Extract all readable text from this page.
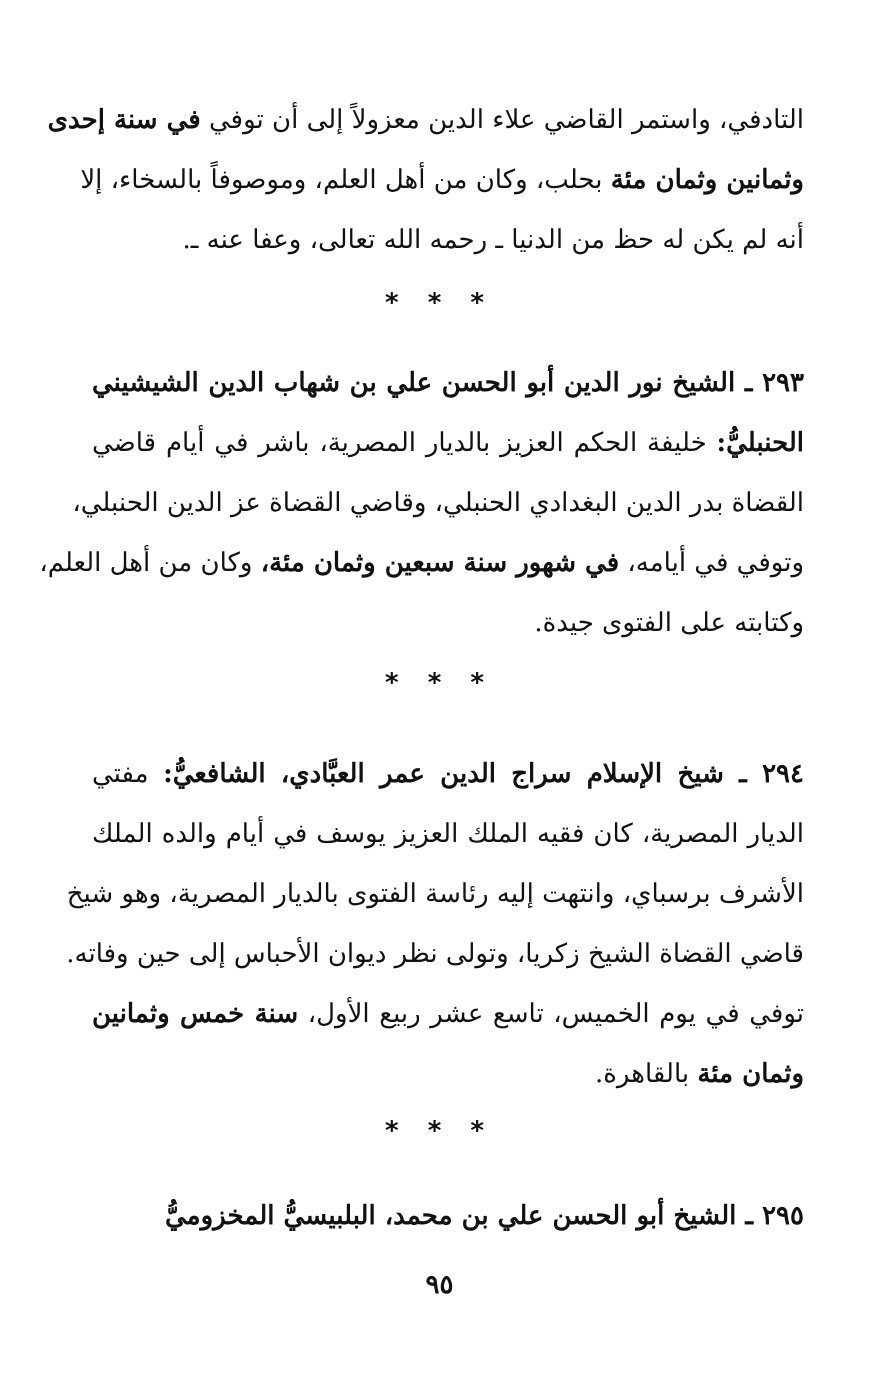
التادفي، واستمر القاضي علاء الدين معزولاً إلى أن توفي في سنة إحدى
وثمانين وثمان مئة بحلب، وكان من أهل العلم، وموصوفاً بالسخاء، إلا
أنه لم يكن له حظ من الدنيا ـ رحمه الله تعالى، وعفا عنه ـ.
* * *
٢٩٣ ـ الشيخ نور الدين أبو الحسن علي بن شهاب الدين الشيشيني
الحنبليُّ: خليفة الحكم العزيز بالديار المصرية، باشر في أيام قاضي
القضاة بدر الدين البغدادي الحنبلي، وقاضي القضاة عز الدين الحنبلي،
وتوفي في أيامه، في شهور سنة سبعين وثمان مئة، وكان من أهل العلم،
وكتابته على الفتوى جيدة.
* * *
٢٩٤ ـ شيخ الإسلام سراج الدين عمر العبَّادي، الشافعيُّ: مفتي
الديار المصرية، كان فقيه الملك العزيز يوسف في أيام والده الملك
الأشرف برسباي، وانتهت إليه رئاسة الفتوى بالديار المصرية، وهو شيخ
قاضي القضاة الشيخ زكريا، وتولى نظر ديوان الأحباس إلى حين وفاته.
توفي في يوم الخميس، تاسع عشر ربيع الأول، سنة خمس وثمانين
وثمان مئة بالقاهرة.
* * *
٢٩٥ ـ الشيخ أبو الحسن علي بن محمد، البلبيسيُّ المخزوميُّ
٩٥
